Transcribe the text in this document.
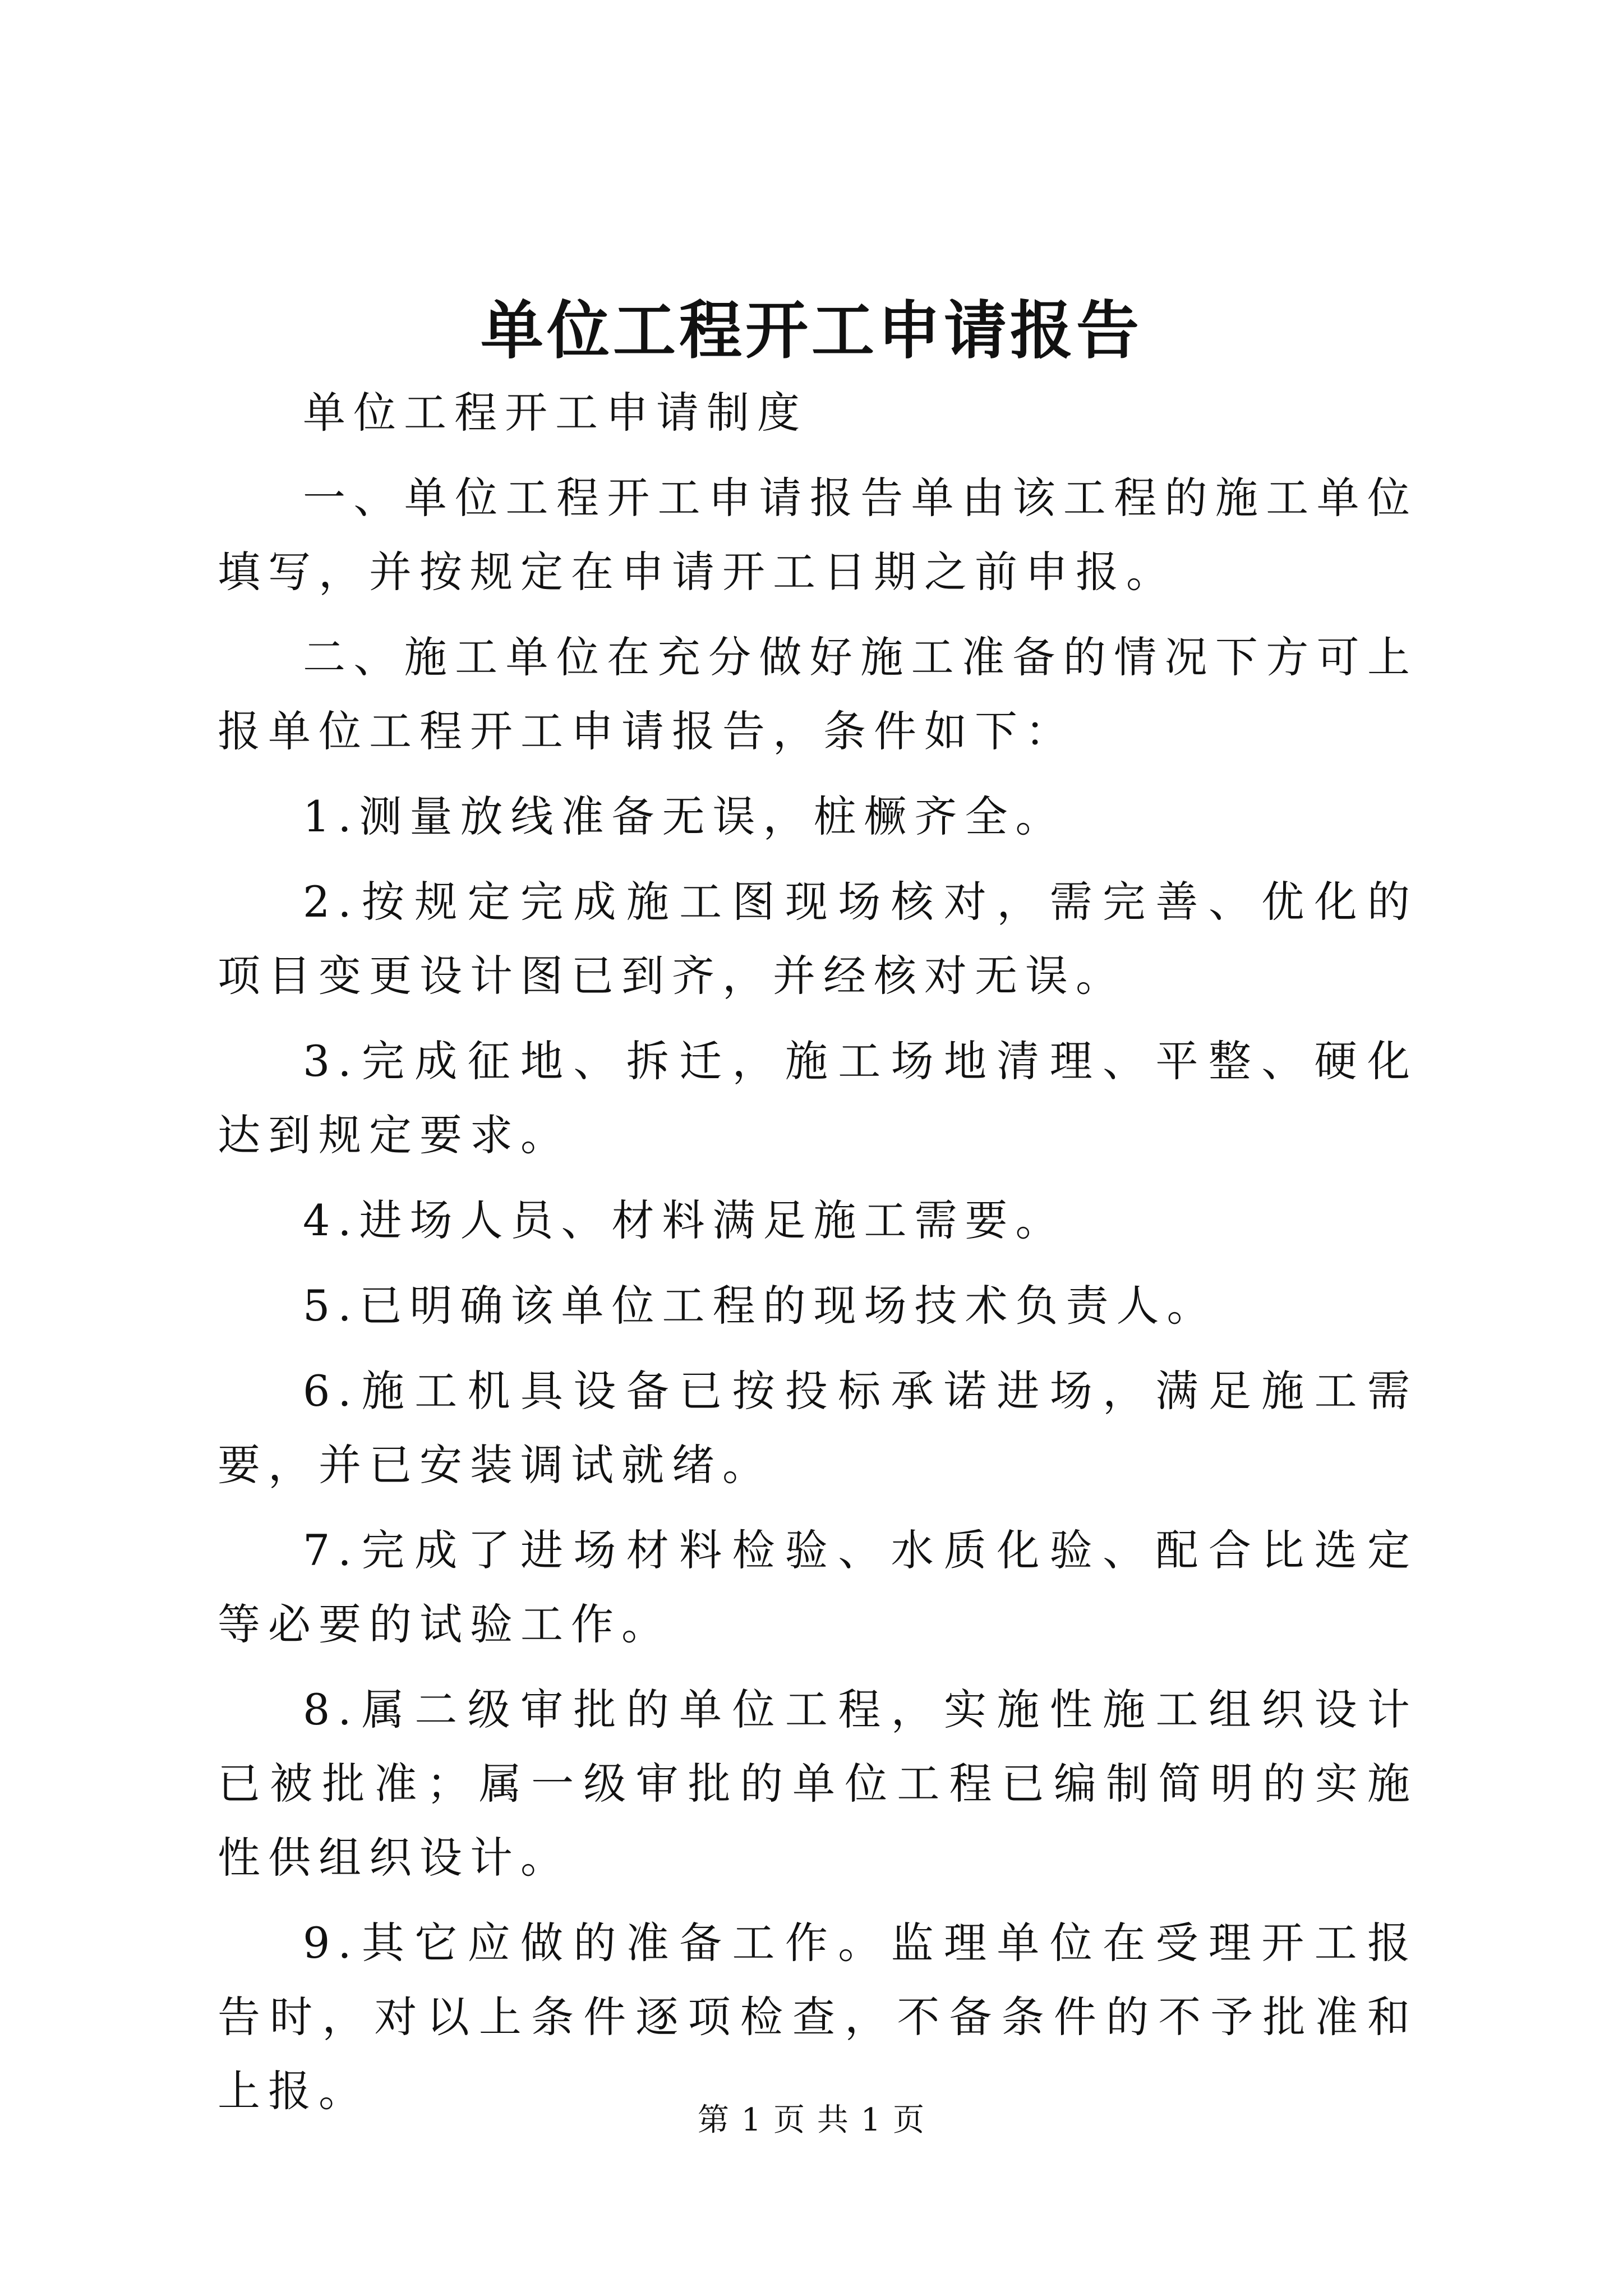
单位工程开工申请报告

单位工程开工申请制度

一、单位工程开工申请报告单由该工程的施工单位填写，并按规定在申请开工日期之前申报。

二、施工单位在充分做好施工准备的情况下方可上报单位工程开工申请报告，条件如下：

1.测量放线准备无误，桩橛齐全。

2.按规定完成施工图现场核对，需完善、优化的项目变更设计图已到齐，并经核对无误。

3.完成征地、拆迁，施工场地清理、平整、硬化达到规定要求。

4.进场人员、材料满足施工需要。

5.已明确该单位工程的现场技术负责人。

6.施工机具设备已按投标承诺进场，满足施工需要，并已安装调试就绪。

7.完成了进场材料检验、水质化验、配合比选定等必要的试验工作。

8.属二级审批的单位工程，实施性施工组织设计已被批准；属一级审批的单位工程已编制简明的实施性供组织设计。

9.其它应做的准备工作。监理单位在受理开工报告时，对以上条件逐项检查，不备条件的不予批准和上报。

第 1 页 共 1 页
